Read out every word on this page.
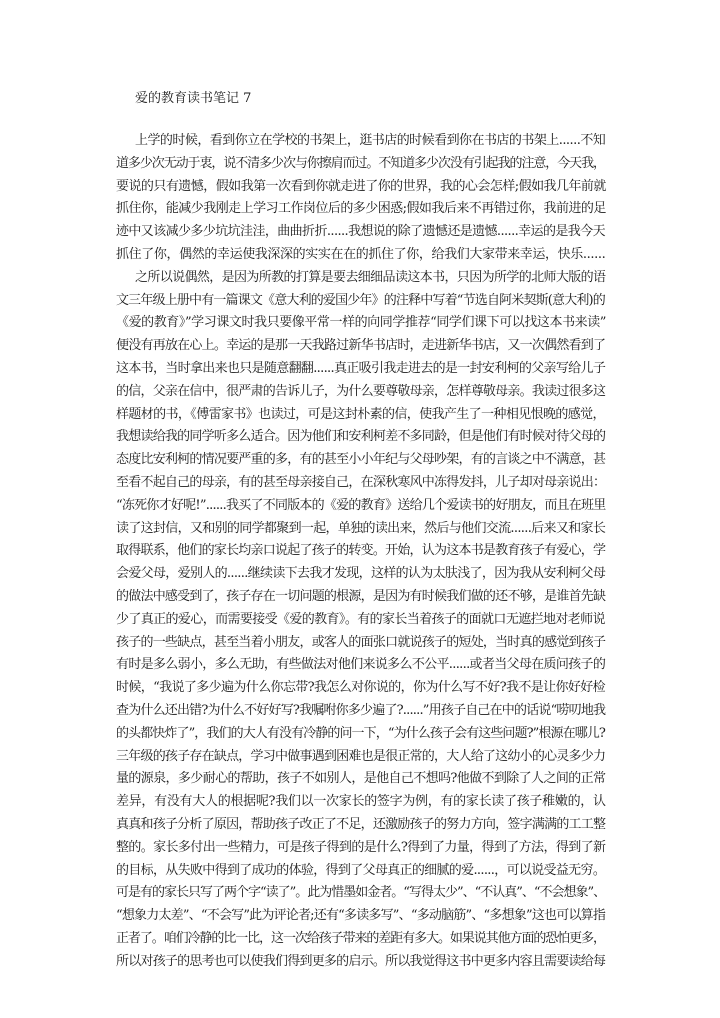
爱的教育读书笔记 7
上学的时候，看到你立在学校的书架上，逛书店的时候看到你在书店的书架上......不知
道多少次无动于衷，说不清多少次与你擦肩而过。不知道多少次没有引起我的注意，今天我，
要说的只有遗憾，假如我第一次看到你就走进了你的世界，我的心会怎样;假如我几年前就
抓住你，能减少我刚走上学习工作岗位后的多少困惑;假如我后来不再错过你，我前进的足
迹中又该减少多少坑坑洼洼，曲曲折折......我想说的除了遗憾还是遗憾......幸运的是我今天
抓住了你，偶然的幸运使我深深的实实在在的抓住了你，给我们大家带来幸运，快乐......
之所以说偶然，是因为所教的打算是要去细细品读这本书，只因为所学的北师大版的语
文三年级上册中有一篇课文《意大利的爱国少年》的注释中写着“节选自阿米契斯(意大利)的
《爱的教育》”学习课文时我只要像平常一样的向同学推荐“同学们课下可以找这本书来读”
便没有再放在心上。幸运的是那一天我路过新华书店时，走进新华书店，又一次偶然看到了
这本书，当时拿出来也只是随意翻翻......真正吸引我走进去的是一封安利柯的父亲写给儿子
的信，父亲在信中，很严肃的告诉儿子，为什么要尊敬母亲，怎样尊敬母亲。我读过很多这
样题材的书，《傅雷家书》也读过，可是这封朴素的信，使我产生了一种相见恨晚的感觉，
我想读给我的同学听多么适合。因为他们和安利柯差不多同龄，但是他们有时候对待父母的
态度比安利柯的情况要严重的多，有的甚至小小年纪与父母吵架，有的言谈之中不满意，甚
至看不起自己的母亲，有的甚至母亲接自己，在深秋寒风中冻得发抖，儿子却对母亲说出：
“冻死你才好呢!”......我买了不同版本的《爱的教育》送给几个爱读书的好朋友，而且在班里
读了这封信，又和别的同学都聚到一起，单独的读出来，然后与他们交流......后来又和家长
取得联系，他们的家长均亲口说起了孩子的转变。开始，认为这本书是教育孩子有爱心，学
会爱父母，爱别人的......继续读下去我才发现，这样的认为太肤浅了，因为我从安利柯父母
的做法中感受到了，孩子存在一切问题的根源，是因为有时候我们做的还不够，是谁首先缺
少了真正的爱心，而需要接受《爱的教育》。有的家长当着孩子的面就口无遮拦地对老师说
孩子的一些缺点，甚至当着小朋友，或客人的面张口就说孩子的短处，当时真的感觉到孩子
有时是多么弱小，多么无助，有些做法对他们来说多么不公平......或者当父母在质问孩子的
时候，“我说了多少遍为什么你忘带?我怎么对你说的，你为什么写不好?我不是让你好好检
查为什么还出错?为什么不好好写?我嘱咐你多少遍了?......”用孩子自己在中的话说“唠叨地我
的头都快炸了”，我们的大人有没有冷静的问一下，“为什么孩子会有这些问题?”根源在哪儿?
三年级的孩子存在缺点，学习中做事遇到困难也是很正常的，大人给了这幼小的心灵多少力
量的源泉，多少耐心的帮助，孩子不如别人，是他自己不想吗?他做不到除了人之间的正常
差异，有没有大人的根据呢?我们以一次家长的签字为例，有的家长读了孩子稚嫩的，认
真真和孩子分析了原因，帮助孩子改正了不足，还激励孩子的努力方向，签字满满的工工整
整的。家长多付出一些精力，可是孩子得到的是什么?得到了力量，得到了方法，得到了新
的目标，从失败中得到了成功的体验，得到了父母真正的细腻的爱......，可以说受益无穷。
可是有的家长只写了两个字“读了”。此为惜墨如金者。“写得太少”、“不认真”、“不会想象”、
“想象力太差”、“不会写”此为评论者;还有“多读多写”、“多动脑筋”、“多想象”这也可以算指
正者了。咱们冷静的比一比，这一次给孩子带来的差距有多大。如果说其他方面的恐怕更多，
所以对孩子的思考也可以使我们得到更多的启示。所以我觉得这书中更多内容且需要读给每
